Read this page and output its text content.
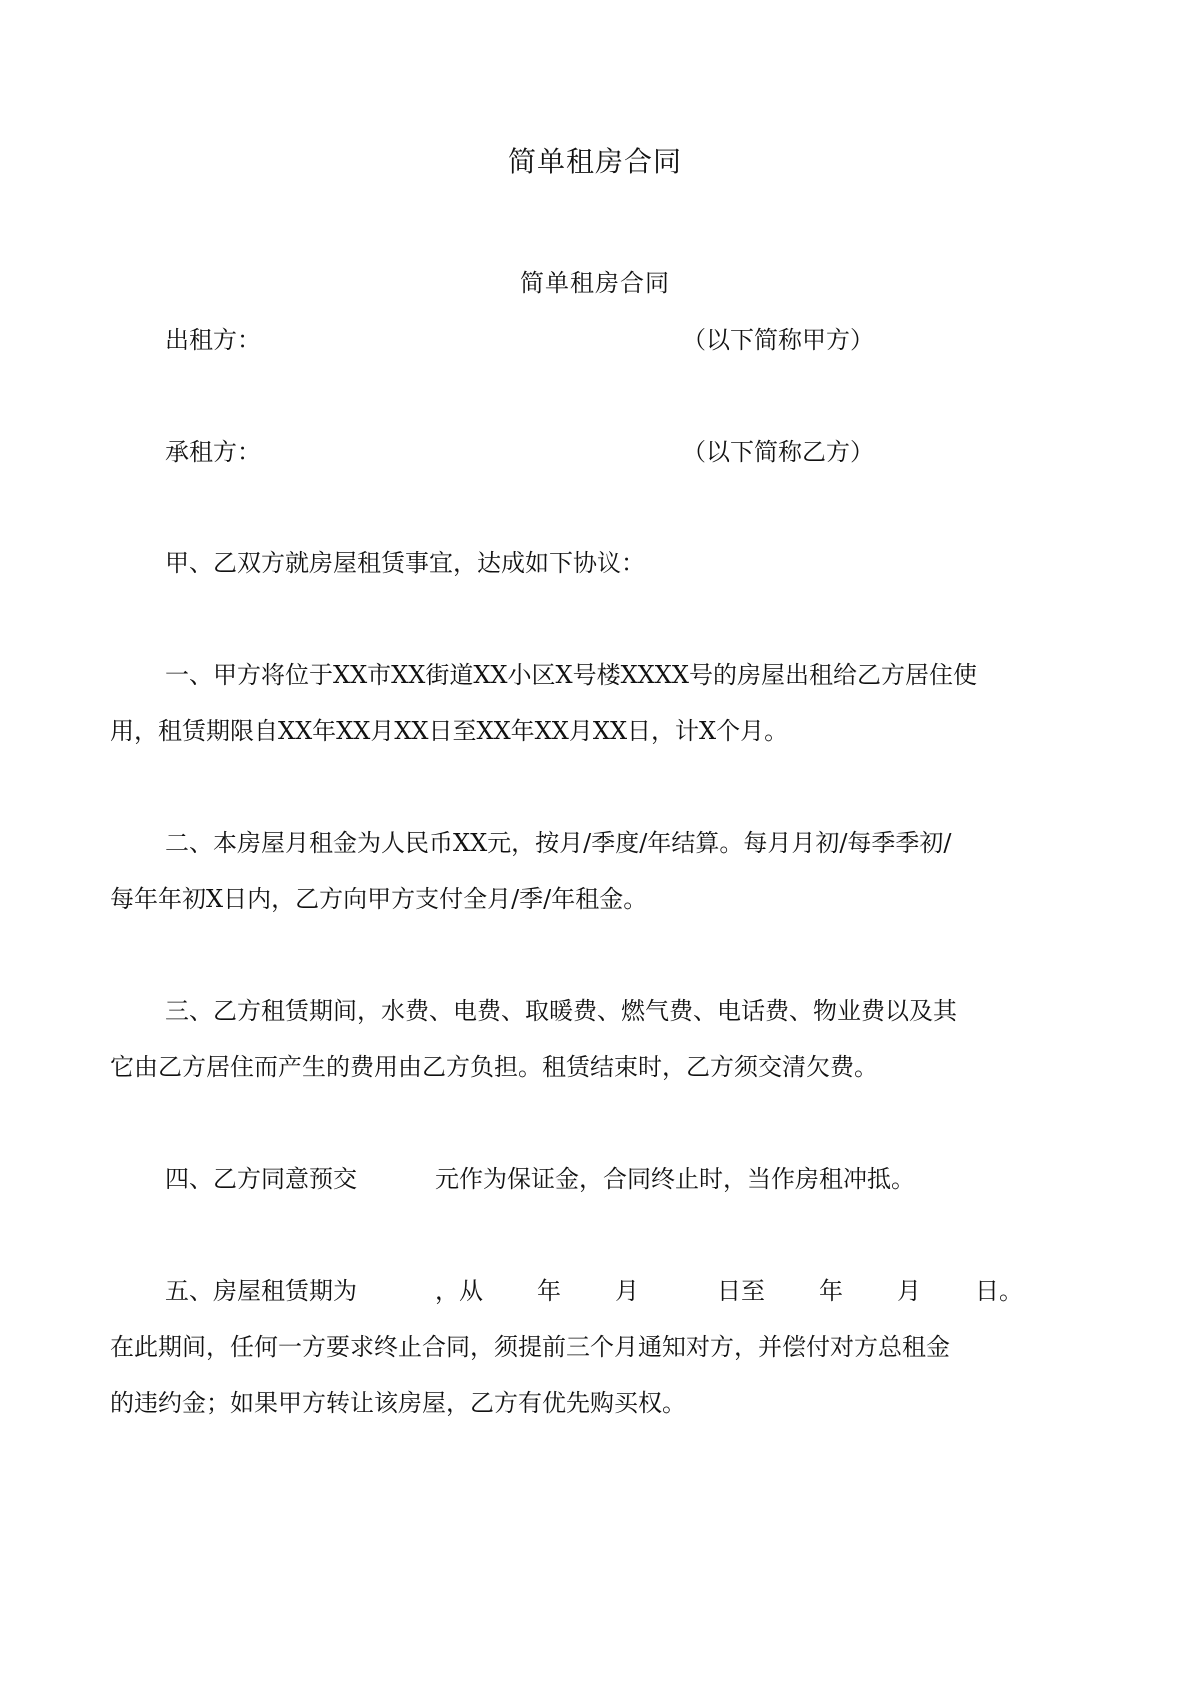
简单租房合同
简单租房合同
出租方：	（以下简称甲方）
承租方：	（以下简称乙方）
甲、乙双方就房屋租赁事宜，达成如下协议：
一、甲方将位于XX市XX街道XX小区X号楼XXXX号的房屋出租给乙方居住使
用，租赁期限自XX年XX月XX日至XX年XX月XX日，计X个月。
二、本房屋月租金为人民币XX元，按月/季度/年结算。每月月初/每季季初/
每年年初X日内，乙方向甲方支付全月/季/年租金。
三、乙方租赁期间，水费、电费、取暖费、燃气费、电话费、物业费以及其
它由乙方居住而产生的费用由乙方负担。租赁结束时，乙方须交清欠费。
四、乙方同意预交	元作为保证金，合同终止时，当作房租冲抵。
五、房屋租赁期为	，从 年 月	日至 年 月 日。
在此期间，任何一方要求终止合同，须提前三个月通知对方，并偿付对方总租金
的违约金；如果甲方转让该房屋，乙方有优先购买权。
